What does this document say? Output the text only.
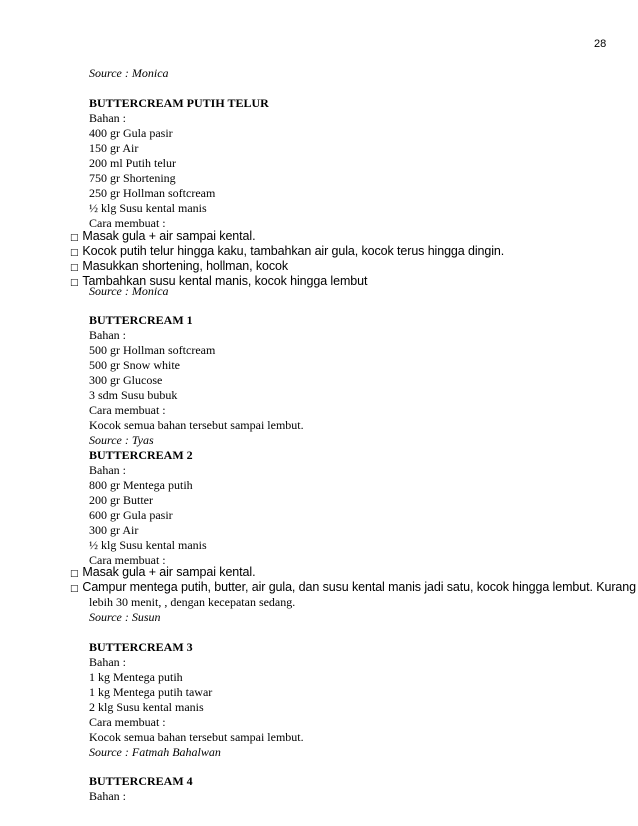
28
Source : Monica
BUTTERCREAM PUTIH TELUR
Bahan :
400 gr Gula pasir
150 gr Air
200 ml Putih telur
750 gr Shortening
250 gr Hollman softcream
½ klg Susu kental manis
Cara membuat :
□ Masak gula + air sampai kental.
□ Kocok putih telur hingga kaku, tambahkan air gula, kocok terus hingga dingin.
□ Masukkan shortening, hollman, kocok
□ Tambahkan susu kental manis, kocok hingga lembut
Source : Monica
BUTTERCREAM 1
Bahan :
500 gr Hollman softcream
500 gr Snow white
300 gr Glucose
3 sdm Susu bubuk
Cara membuat :
Kocok semua bahan tersebut sampai lembut.
Source : Tyas
BUTTERCREAM 2
Bahan :
800 gr Mentega putih
200 gr Butter
600 gr Gula pasir
300 gr Air
½ klg Susu kental manis
Cara membuat :
□ Masak gula + air sampai kental.
□ Campur mentega putih, butter, air gula, dan susu kental manis jadi satu, kocok hingga lembut. Kurang
lebih 30 menit, , dengan kecepatan sedang.
Source : Susun
BUTTERCREAM 3
Bahan :
1 kg Mentega putih
1 kg Mentega putih tawar
2 klg Susu kental manis
Cara membuat :
Kocok semua bahan tersebut sampai lembut.
Source : Fatmah Bahalwan
BUTTERCREAM 4
Bahan :
